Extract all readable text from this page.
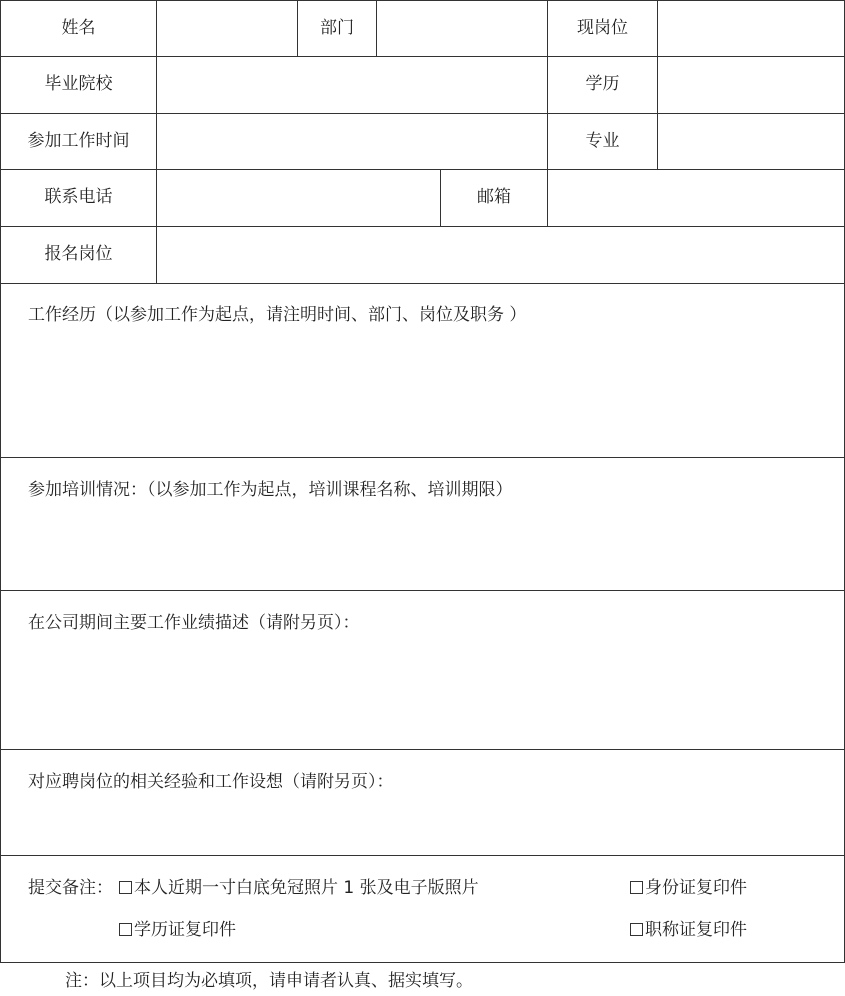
姓名	部门	现岗位
毕业院校	学历
参加工作时间	专业
联系电话	邮箱
报名岗位
工作经历（以参加工作为起点，请注明时间、部门、岗位及职务 ）
参加培训情况：（以参加工作为起点，培训课程名称、培训期限）
在公司期间主要工作业绩描述（请附另页）：
对应聘岗位的相关经验和工作设想（请附另页）：
提交备注：	本人近期一寸白底免冠照片 1 张及电子版照片	身份证复印件
学历证复印件	职称证复印件
注：以上项目均为必填项，请申请者认真、据实填写。
